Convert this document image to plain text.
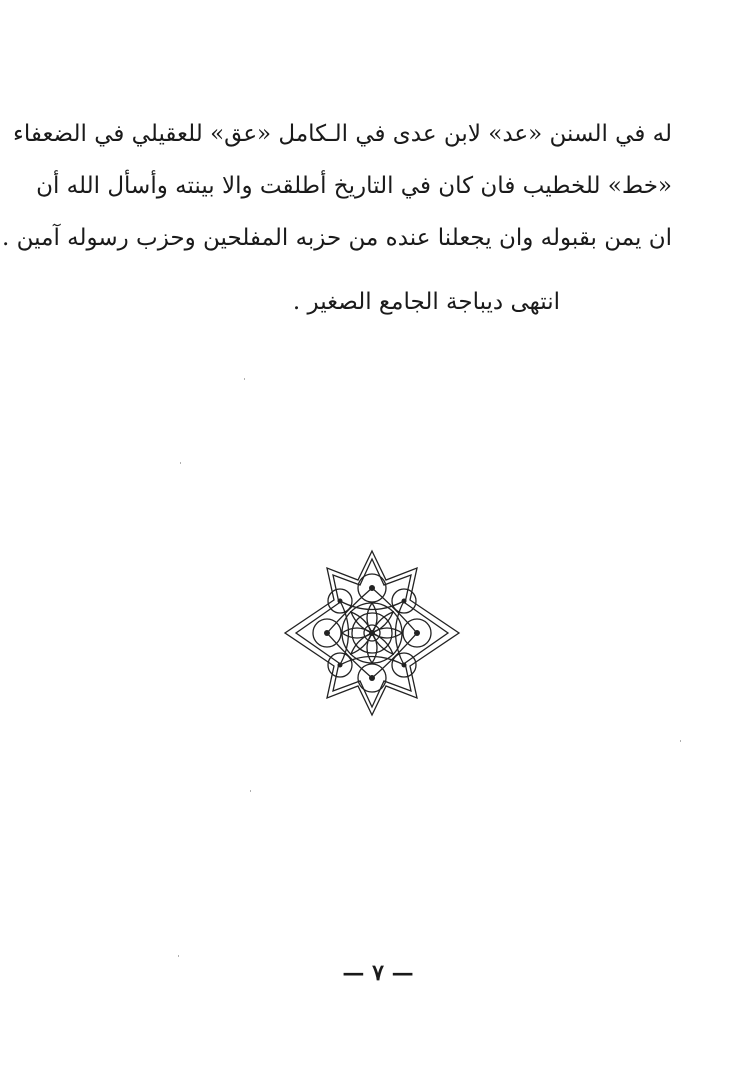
له في السنن «عد» لابن عدى في الـكامل «عق» للعقيلي في الضعفاء
«خط» للخطيب فان كان في التاريخ أطلقت والا بينته وأسأل الله أن
ان يمن بقبوله وان يجعلنا عنده من حزبه المفلحين وحزب رسوله آمين .
انتهى ديباجة الجامع الصغير .
— ٧ —
